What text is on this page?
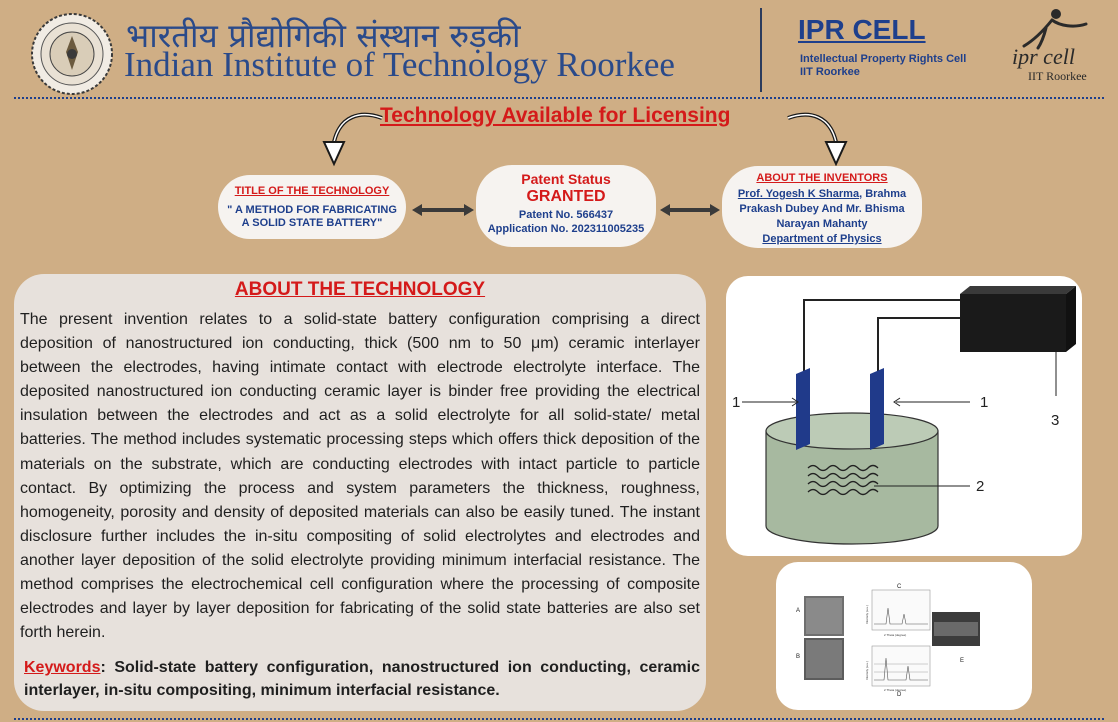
भारतीय प्रौद्योगिकी संस्थान रुड़की
Indian Institute of Technology Roorkee
IPR CELL
Intellectual Property Rights Cell
IIT Roorkee
ipr cell
IIT Roorkee
Technology Available for Licensing
TITLE OF THE TECHNOLOGY
" A METHOD FOR FABRICATING
A SOLID STATE BATTERY"
Patent Status
GRANTED
Patent No. 566437
Application No. 202311005235
ABOUT THE INVENTORS
Prof. Yogesh K Sharma, Brahma
Prakash Dubey And Mr. Bhisma
Narayan Mahanty
Department of Physics
ABOUT THE TECHNOLOGY
The present invention relates to a solid-state battery configuration comprising a direct deposition of nanostructured ion conducting, thick (500 nm to 50 μm) ceramic interlayer between the electrodes, having intimate contact with electrode electrolyte interface. The deposited nanostructured ion conducting ceramic layer is binder free providing the electrical insulation between the electrodes and act as a solid electrolyte for all solid-state/ metal batteries. The method includes systematic processing steps which offers thick deposition of the materials on the substrate, which are conducting electrodes with intact particle to particle contact. By optimizing the process and system parameters the thickness, roughness, homogeneity, porosity and density of deposited materials can also be easily tuned. The instant disclosure further includes the in-situ compositing of solid electrolytes and electrodes and another layer deposition of the solid electrolyte providing minimum interfacial resistance. The method comprises the electrochemical cell configuration where the processing of composite electrodes and layer by layer deposition for fabricating of the solid state batteries are also set forth herein.
Keywords: Solid-state battery configuration, nanostructured ion conducting, ceramic interlayer, in-situ compositing, minimum interfacial resistance.
1	1
2
3
A
B
C
D
E
2 Theta (degree)
2 Theta (degree)
Intensity (a.u.)
Intensity (a.u.)
